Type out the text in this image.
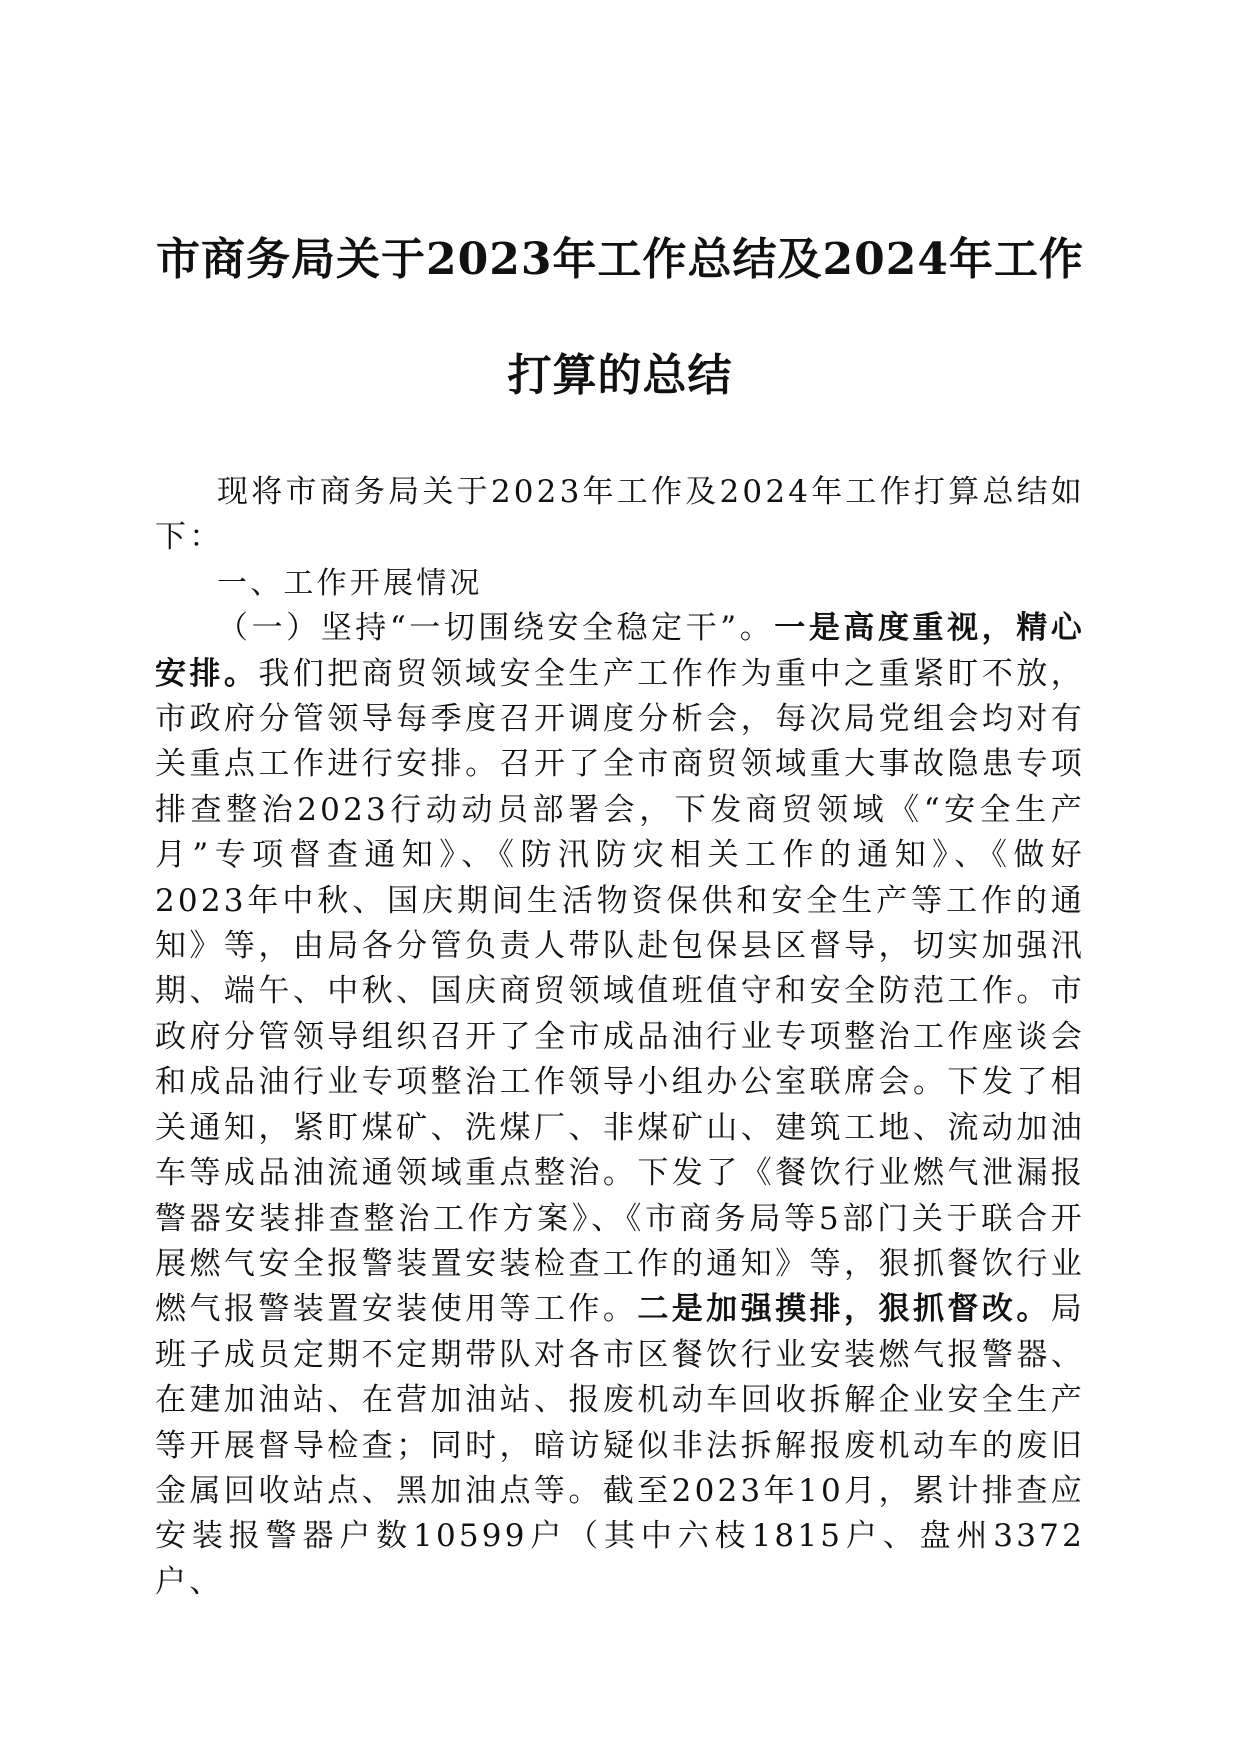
市商务局关于2023年工作总结及2024年工作
打算的总结

现将市商务局关于2023年工作及2024年工作打算总结如下：

一、工作开展情况

（一）坚持“一切围绕安全稳定干”。一是高度重视，精心安排。我们把商贸领域安全生产工作作为重中之重紧盯不放，市政府分管领导每季度召开调度分析会，每次局党组会均对有关重点工作进行安排。召开了全市商贸领域重大事故隐患专项排查整治2023行动动员部署会，下发商贸领域《“安全生产月”专项督查通知》、《防汛防灾相关工作的通知》、《做好2023年中秋、国庆期间生活物资保供和安全生产等工作的通知》等，由局各分管负责人带队赴包保县区督导，切实加强汛期、端午、中秋、国庆商贸领域值班值守和安全防范工作。市政府分管领导组织召开了全市成品油行业专项整治工作座谈会和成品油行业专项整治工作领导小组办公室联席会。下发了相关通知，紧盯煤矿、洗煤厂、非煤矿山、建筑工地、流动加油车等成品油流通领域重点整治。下发了《餐饮行业燃气泄漏报警器安装排查整治工作方案》、《市商务局等5部门关于联合开展燃气安全报警装置安装检查工作的通知》等，狠抓餐饮行业燃气报警装置安装使用等工作。二是加强摸排，狠抓督改。局班子成员定期不定期带队对各市区餐饮行业安装燃气报警器、在建加油站、在营加油站、报废机动车回收拆解企业安全生产等开展督导检查；同时，暗访疑似非法拆解报废机动车的废旧金属回收站点、黑加油点等。截至2023年10月，累计排查应安装报警器户数10599户（其中六枝1815户、盘州3372户、
